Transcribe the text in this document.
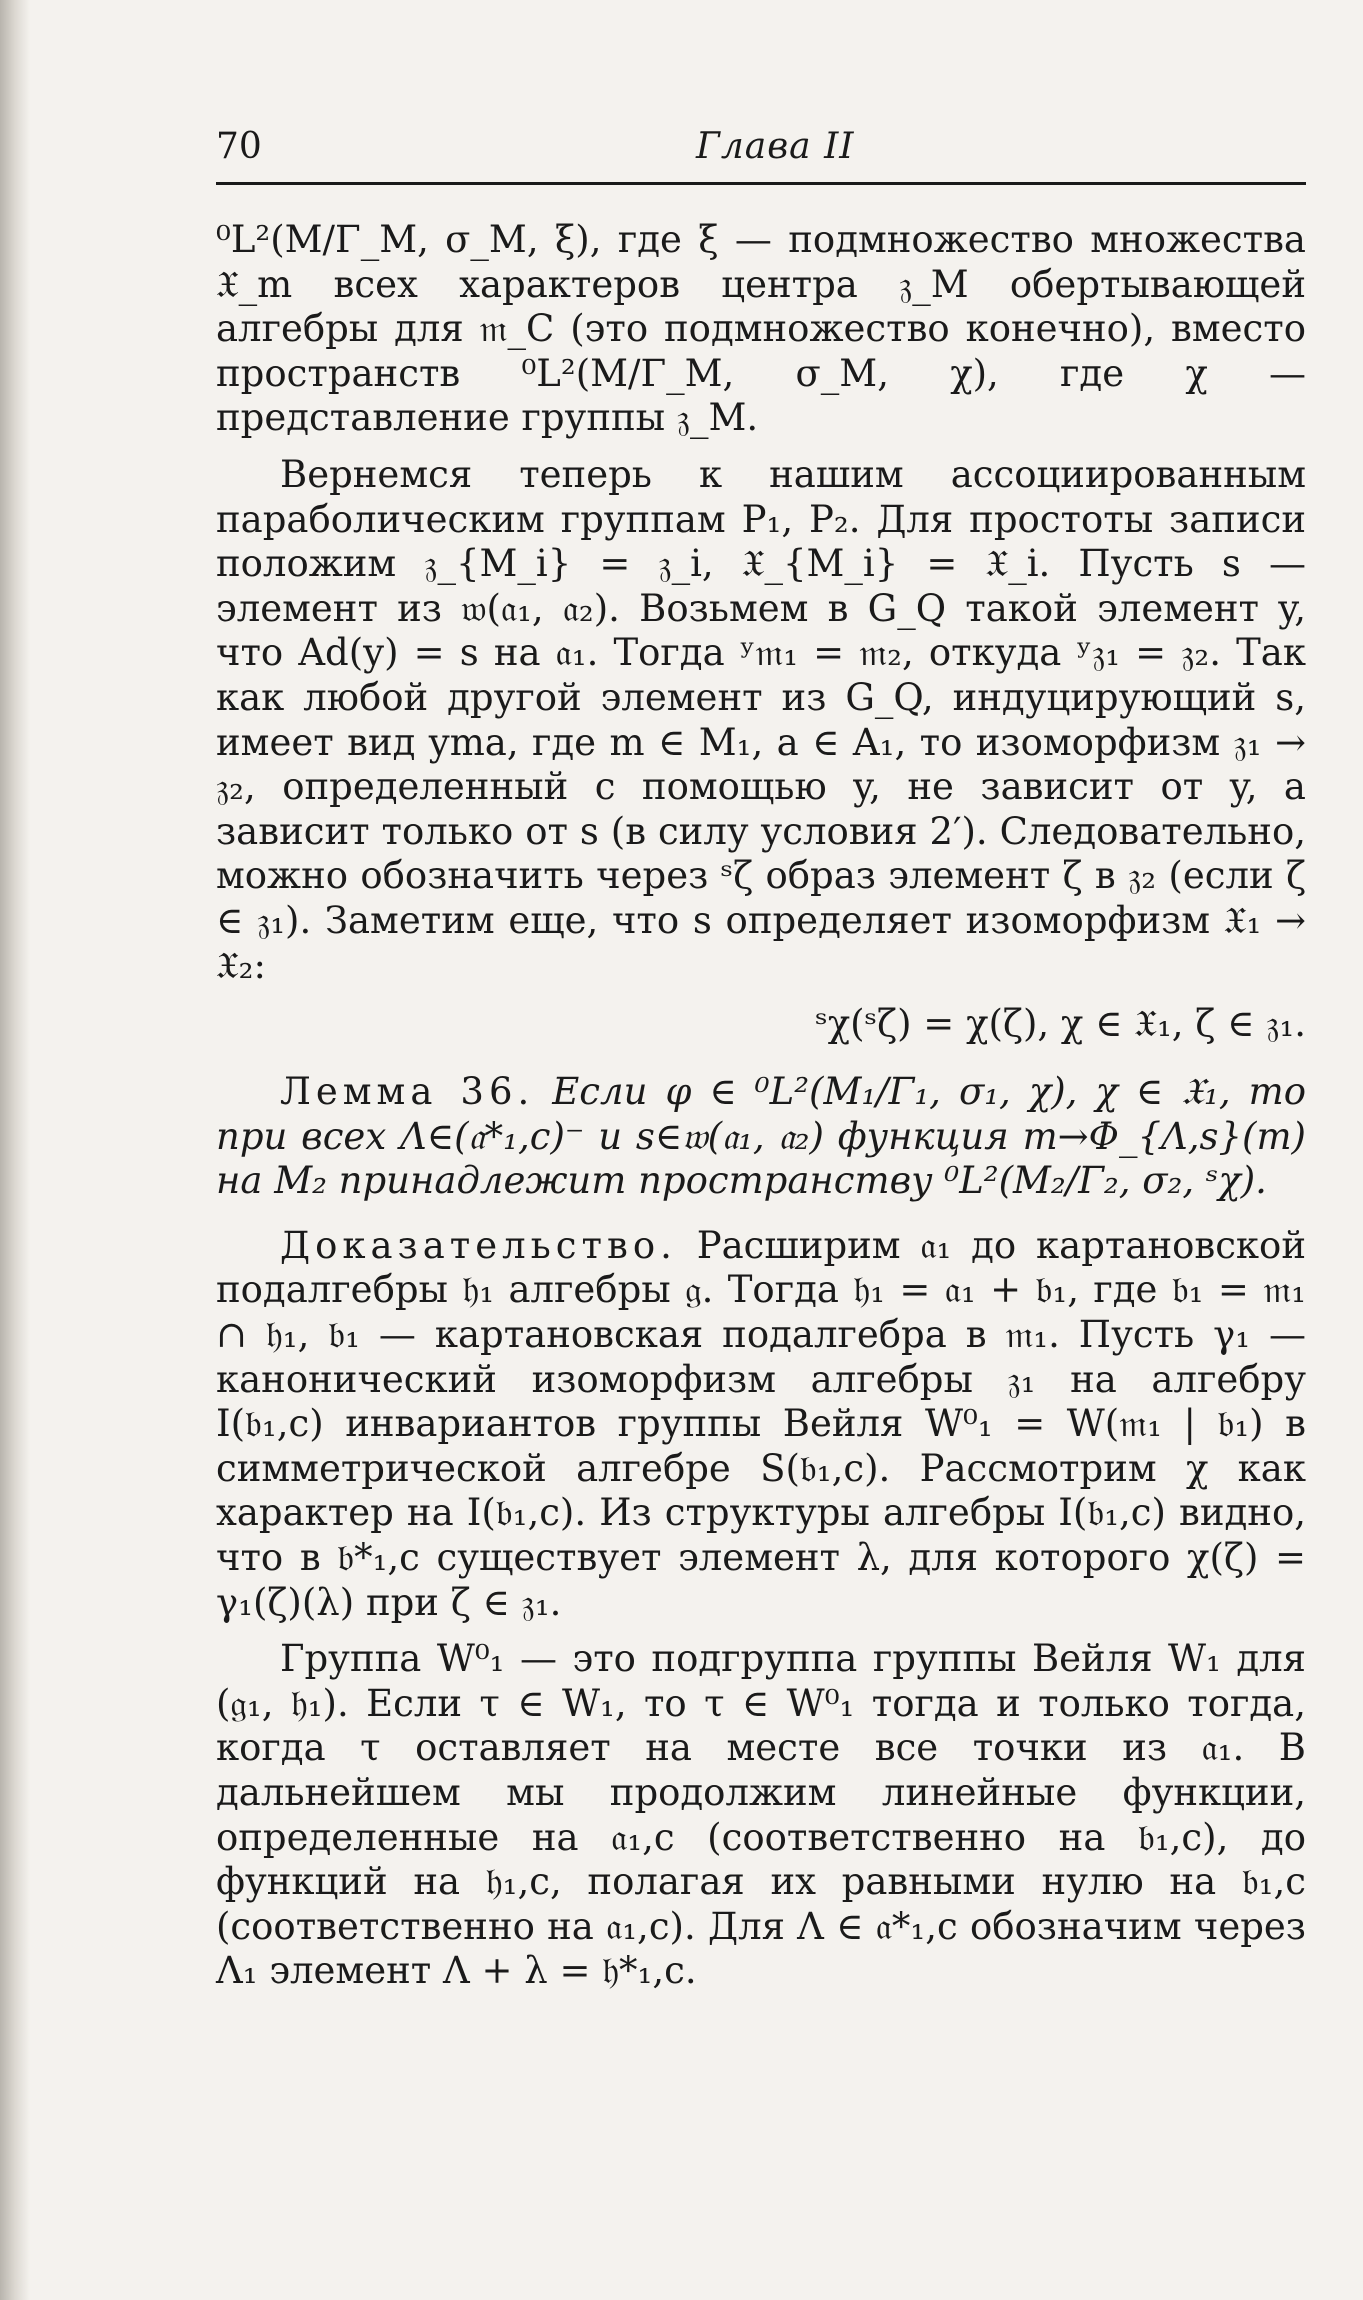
70	Глава II

⁰L²(M/Γ_M, σ_M, ξ), где ξ — подмножество множества 𝔛_m всех характеров центра 𝔷_M обертывающей алгебры для 𝔪_C (это подмножество конечно), вместо пространств ⁰L²(M/Γ_M, σ_M, χ), где χ — представление группы 𝔷_M.

Вернемся теперь к нашим ассоциированным параболическим группам P₁, P₂. Для простоты записи положим 𝔷_{M_i} = 𝔷_i, 𝔛_{M_i} = 𝔛_i. Пусть s — элемент из 𝔴(𝔞₁, 𝔞₂). Возьмем в G_Q такой элемент y, что Ad(y) = s на 𝔞₁. Тогда ʸ𝔪₁ = 𝔪₂, откуда ʸ𝔷₁ = 𝔷₂. Так как любой другой элемент из G_Q, индуцирующий s, имеет вид yma, где m ∈ M₁, a ∈ A₁, то изоморфизм 𝔷₁ → 𝔷₂, определенный с помощью y, не зависит от y, а зависит только от s (в силу условия 2′). Следовательно, можно обозначить через ˢζ образ элемент ζ в 𝔷₂ (если ζ ∈ 𝔷₁). Заметим еще, что s определяет изоморфизм 𝔛₁ → 𝔛₂:

ˢχ(ˢζ) = χ(ζ), χ ∈ 𝔛₁, ζ ∈ 𝔷₁.

Лемма 36. Если φ ∈ ⁰L²(M₁/Γ₁, σ₁, χ), χ ∈ 𝔛₁, то при всех Λ∈(𝔞*₁,c)⁻ и s∈𝔴(𝔞₁, 𝔞₂) функция m→Φ_{Λ,s}(m) на M₂ принадлежит пространству ⁰L²(M₂/Γ₂, σ₂, ˢχ).

Доказательство. Расширим 𝔞₁ до картановской подалгебры 𝔥₁ алгебры 𝔤. Тогда 𝔥₁ = 𝔞₁ + 𝔟₁, где 𝔟₁ = 𝔪₁ ∩ 𝔥₁, 𝔟₁ — картановская подалгебра в 𝔪₁. Пусть γ₁ — канонический изоморфизм алгебры 𝔷₁ на алгебру I(𝔟₁,c) инвариантов группы Вейля W⁰₁ = W(𝔪₁ | 𝔟₁) в симметрической алгебре S(𝔟₁,c). Рассмотрим χ как характер на I(𝔟₁,c). Из структуры алгебры I(𝔟₁,c) видно, что в 𝔟*₁,c существует элемент λ, для которого χ(ζ) = γ₁(ζ)(λ) при ζ ∈ 𝔷₁.

Группа W⁰₁ — это подгруппа группы Вейля W₁ для (𝔤₁, 𝔥₁). Если τ ∈ W₁, то τ ∈ W⁰₁ тогда и только тогда, когда τ оставляет на месте все точки из 𝔞₁. В дальнейшем мы продолжим линейные функции, определенные на 𝔞₁,c (соответственно на 𝔟₁,c), до функций на 𝔥₁,c, полагая их равными нулю на 𝔟₁,c (соответственно на 𝔞₁,c). Для Λ ∈ 𝔞*₁,c обозначим через Λ₁ элемент Λ + λ = 𝔥*₁,c.
